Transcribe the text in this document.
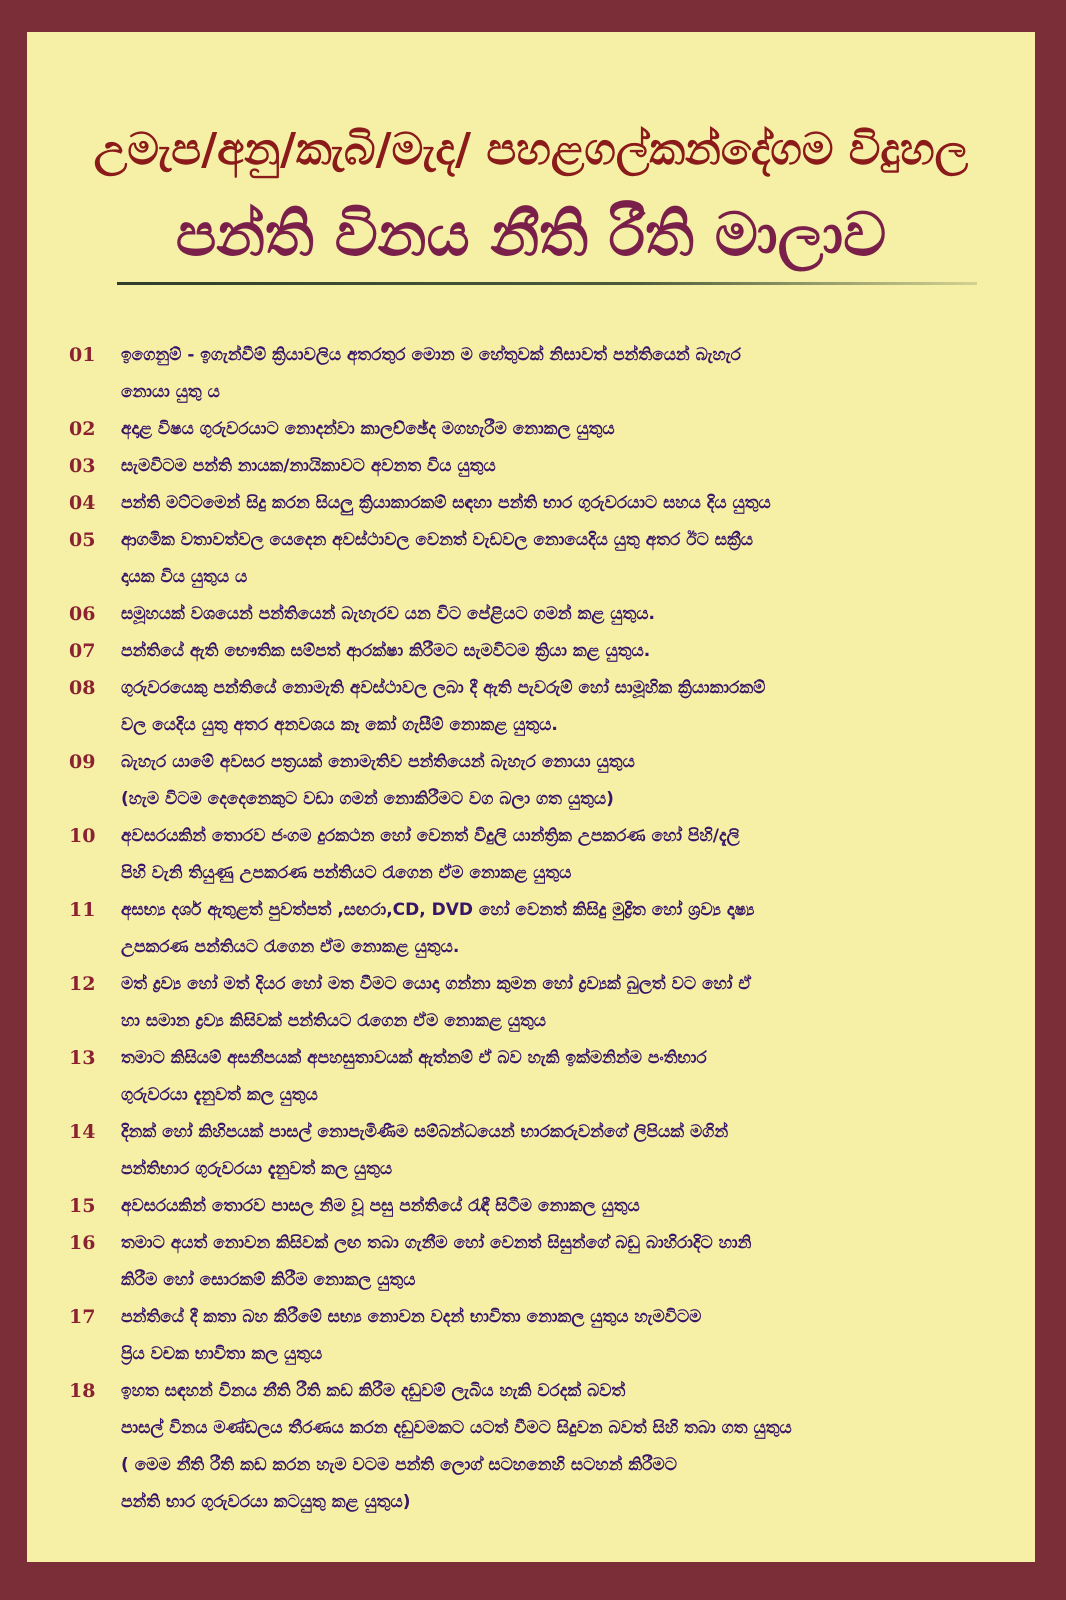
උමැප/අනු/කැබි/මැද/ පහළගල්කන්දේගම විදුහල
පන්ති විනය නීති රීති මාලාව
01	ඉගෙනුම් - ඉගැන්වීම් ක්‍රියාවලිය අතරතුර මොන ම හේතුවක් නිසාවත් පන්තියෙන් බැහැර
නොයා යුතු ය
02	අදාළ විෂය ගුරුවරයාට නොදන්වා කාලච්ඡේද මගහැරීම නොකල යුතුය
03	සැමවිටම පන්ති නායක/නායිකාවට අවනත විය යුතුය
04	පන්ති මට්ටමෙන් සිදු කරන සියලු ක්‍රියාකාරකම් සඳහා පන්ති භාර ගුරුවරයාට සහය දිය යුතුය
05	ආගමික වතාවත්වල යෙදෙන අවස්ථාවල වෙනත් වැඩවල නොයෙදිය යුතු අතර ඊට සක්‍රීය
දායක විය යුතුය ය
06	සමූහයක් වශයෙන් පන්තියෙන් බැහැරව යන විට පේළියට ගමන් කළ යුතුය.
07	පන්තියේ ඇති භෞතික සම්පත් ආරක්ෂා කිරීමට සැමවිටම ක්‍රියා කළ යුතුය.
08	ගුරුවරයෙකු පන්තියේ නොමැති අවස්ථාවල ලබා දී ඇති පැවරුම් හෝ සාමූහික ක්‍රියාකාරකම්
වල යෙදිය යුතු අතර අනවශය කෑ කෝ ගැසීම් නොකළ යුතුය.
09	බැහැර යාමේ අවසර පත්‍රයක් නොමැතිව පන්තියෙන් බැහැර නොයා යුතුය
(හැම විටම දෙදෙනෙකුට වඩා ගමන් නොකිරීමට වග බලා ගත යුතුය)
10	අවසරයකින් තොරව ජංගම දුරකථන හෝ වෙනත් විදුලි යාන්ත්‍රික උපකරණ හෝ පිහි/දැලි
පිහි වැනි තියුණු උපකරණ පන්තියට රැගෙන ඒම නොකළ යුතුය
11	අසභ්‍ය දර්ශ ඇතුළත් පුවත්පත් ,සඟරා,CD, DVD හෝ වෙනත් කිසිදු මුද්‍රිත හෝ ශ්‍රව්‍ය දෘෂ්‍ය
උපකරණ පන්තියට රැගෙන ඒම නොකළ යුතුය.
12	මත් ද්‍රව්‍ය හෝ මත් දියර හෝ මත වීමට යොදා ගන්නා කුමන හෝ ද්‍රව්‍යක් බුලත් වට හෝ ඒ
හා සමාන ද්‍රව්‍ය කිසිවක් පන්තියට රැගෙන ඒම නොකළ යුතුය
13	තමාට කිසියම් අසනීපයක් අපහසුතාවයක් ඇත්නම් ඒ බව හැකි ඉක්මනින්ම පංතිභාර
ගුරුවරයා දැනුවත් කල යුතුය
14	දිනක් හෝ කිහිපයක් පාසල් නොපැමිණීම සම්බන්ධයෙන් භාරකරුවන්ගේ ලිපියක් මගින්
පන්තිභාර ගුරුවරයා දැනුවත් කල යුතුය
15	අවසරයකින් තොරව පාසල නිම වූ පසු පන්තියේ රැඳී සිටීම නොකල යුතුය
16	තමාට අයත් නොවන කිසිවක් ලඟ තබා ගැනීම හෝ වෙනත් සිසුන්ගේ බඩු බාහිරාදිට හානි
කිරීම හෝ සොරකම් කිරීම නොකල යුතුය
17	පන්තියේ දී කතා බහ කිරීමේ සභ්‍ය නොවන වදන් භාවිතා නොකල යුතුය හැමවිටම
ප්‍රිය වචක භාවිතා කල යුතුය
18	ඉහත සඳහන් විනය නීති රීති කඩ කිරීම දඩුවම් ලැබිය හැකි වරදක් බවත්
පාසල් විනය මණ්ඩලය තීරණය කරන දඩුවමකට යටත් වීමට සිදුවන බවත් සිහි තබා ගත යුතුය
( මෙම නීති රීති කඩ කරන හැම වටම පන්ති ලොග් සටහනෙහි සටහන් කිරීමට
පන්ති භාර ගුරුවරයා කටයුතු කළ යුතුය)
